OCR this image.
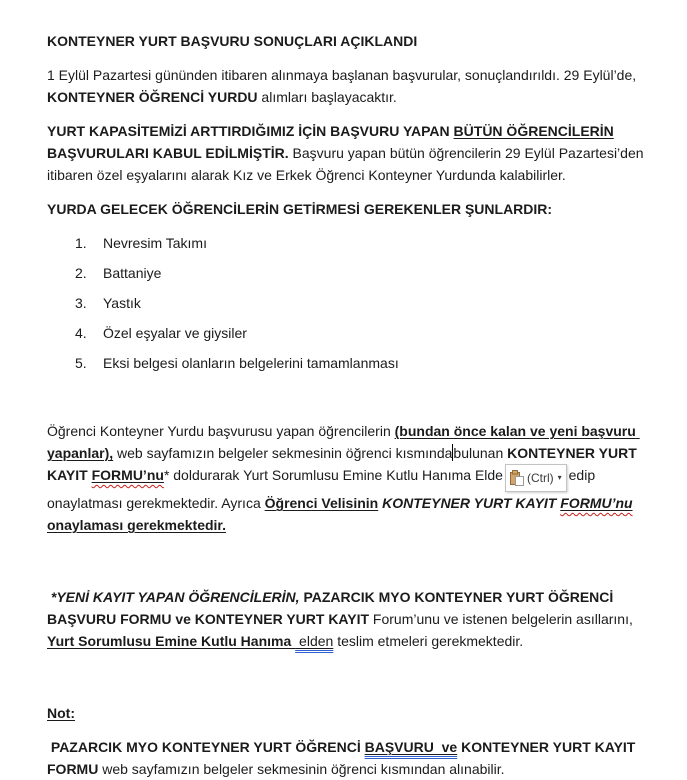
KONTEYNER YURT BAŞVURU SONUÇLARI AÇIKLANDI
1 Eylül Pazartesi gününden itibaren alınmaya başlanan başvurular, sonuçlandırıldı. 29 Eylül’de, KONTEYNER ÖĞRENCİ YURDU alımları başlayacaktır.
YURT KAPASİTEMİZİ ARTTIRDIĞIMIZ İÇİN BAŞVURU YAPAN BÜTÜN ÖĞRENCİLERİN BAŞVURULARI KABUL EDİLMİŞTİR. Başvuru yapan bütün öğrencilerin 29 Eylül Pazartesi’den itibaren özel eşyalarını alarak Kız ve Erkek Öğrenci Konteyner Yurdunda kalabilirler.
YURDA GELECEK ÖĞRENCİLERİN GETİRMESİ GEREKENLER ŞUNLARDIR:
1.	Nevresim Takımı
2.	Battaniye
3.	Yastık
4.	Özel eşyalar ve giysiler
5.	Eksi belgesi olanların belgelerini tamamlanması
Öğrenci Konteyner Yurdu başvurusu yapan öğrencilerin (bundan önce kalan ve yeni başvuru yapanlar), web sayfamızın belgeler sekmesinin öğrenci kısmındabulunan KONTEYNER YURT KAYIT FORMU’nu* doldurarak Yurt Sorumlusu Emine Kutlu Hanıma Elde (Ctrl) ▾ edip onaylatması gerekmektedir. Ayrıca Öğrenci Velisinin KONTEYNER YURT KAYIT FORMU’nu onaylaması gerekmektedir.
*YENİ KAYIT YAPAN ÖĞRENCİLERİN, PAZARCIK MYO KONTEYNER YURT ÖĞRENCİ BAŞVURU FORMU ve KONTEYNER YURT KAYIT Forum’unu ve istenen belgelerin asıllarını, Yurt Sorumlusu Emine Kutlu Hanıma  elden teslim etmeleri gerekmektedir.
Not:
PAZARCIK MYO KONTEYNER YURT ÖĞRENCİ BAŞVURU  ve KONTEYNER YURT KAYIT  FORMU web sayfamızın belgeler sekmesinin öğrenci kısmından alınabilir.
